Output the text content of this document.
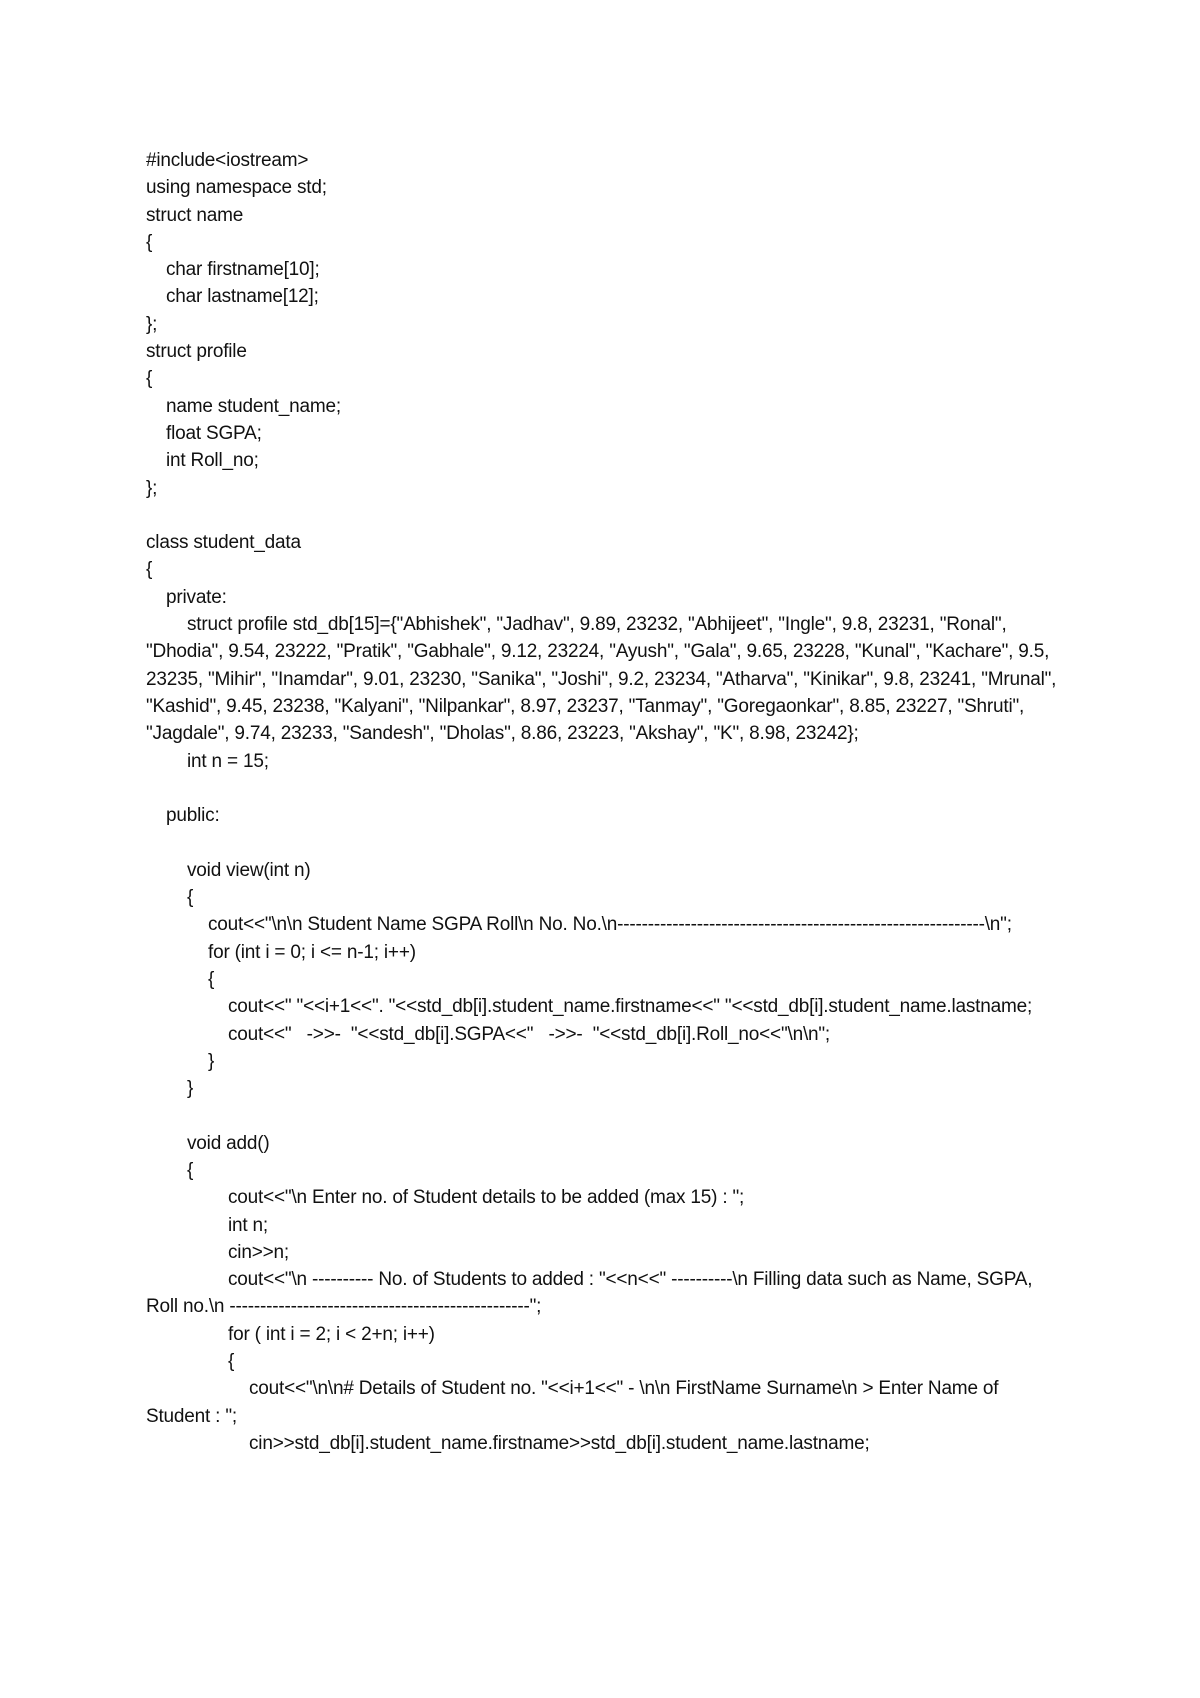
#include<iostream>
using namespace std;
struct name
{
char firstname[10];
char lastname[12];
};
struct profile
{
name student_name;
float SGPA;
int Roll_no;
};
class student_data
{
private:
struct profile std_db[15]={"Abhishek", "Jadhav", 9.89, 23232, "Abhijeet", "Ingle", 9.8, 23231, "Ronal", "Dhodia", 9.54, 23222, "Pratik", "Gabhale", 9.12, 23224, "Ayush", "Gala", 9.65, 23228, "Kunal", "Kachare", 9.5, 23235, "Mihir", "Inamdar", 9.01, 23230, "Sanika", "Joshi", 9.2, 23234, "Atharva", "Kinikar", 9.8, 23241, "Mrunal", "Kashid", 9.45, 23238, "Kalyani", "Nilpankar", 8.97, 23237, "Tanmay", "Goregaonkar", 8.85, 23227, "Shruti", "Jagdale", 9.74, 23233, "Sandesh", "Dholas", 8.86, 23223, "Akshay", "K", 8.98, 23242};
int n = 15;
public:
void view(int n)
{
cout<<"\n\n Student Name SGPA Roll\n No. No.\n------------------------------------------------------------\n";
for (int i = 0; i <= n-1; i++)
{
cout<<" "<<i+1<<". "<<std_db[i].student_name.firstname<<" "<<std_db[i].student_name.lastname;
cout<<"   ->>-  "<<std_db[i].SGPA<<"   ->>-  "<<std_db[i].Roll_no<<"\n\n";
}
}
void add()
{
cout<<"\n Enter no. of Student details to be added (max 15) : ";
int n;
cin>>n;
cout<<"\n ---------- No. of Students to added : "<<n<<" ----------\n Filling data such as Name, SGPA, Roll no.\n -------------------------------------------------";
for ( int i = 2; i < 2+n; i++)
{
cout<<"\n\n# Details of Student no. "<<i+1<<" - \n\n FirstName Surname\n > Enter Name of Student : ";
cin>>std_db[i].student_name.firstname>>std_db[i].student_name.lastname;
